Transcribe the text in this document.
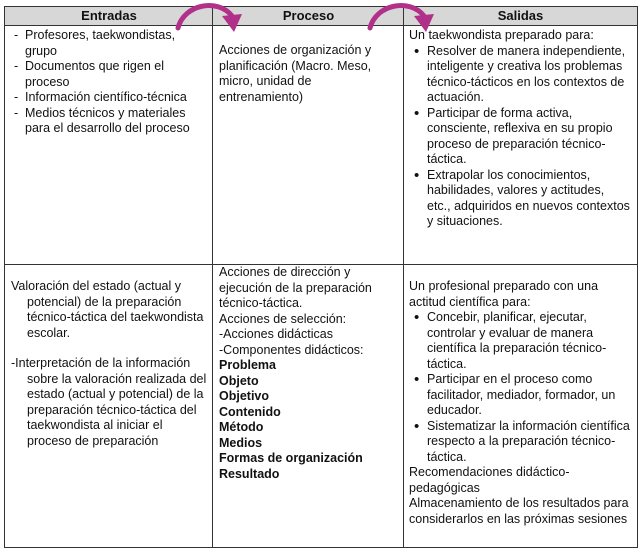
Entradas	Proceso	Salidas
- Profesores, taekwondistas, grupo
- Documentos que rigen el proceso
- Información científico-técnica
- Medios técnicos y materiales para el desarrollo del proceso

Acciones de organización y planificación (Macro. Meso, micro, unidad de entrenamiento)

Un taekwondista preparado para:

• Resolver de manera independiente, inteligente y creativa los problemas técnico-tácticos en los contextos de actuación.
• Participar de forma activa, consciente, reflexiva en su propio proceso de preparación técnico-táctica.
• Extrapolar los conocimientos, habilidades, valores y actitudes, etc., adquiridos en nuevos contextos y situaciones.

Valoración del estado (actual y potencial) de la preparación técnico-táctica del taekwondista escolar.

-Interpretación de la información sobre la valoración realizada del estado (actual y potencial) de la preparación técnico-táctica del taekwondista al iniciar el proceso de preparación

Acciones de dirección y ejecución de la preparación técnico-táctica.

Acciones de selección:

-Acciones didácticas

-Componentes didácticos:

Problema

Objeto

Objetivo

Contenido

Método

Medios

Formas de organización

Resultado

Un profesional preparado con una actitud científica para:

• Concebir, planificar, ejecutar, controlar y evaluar de manera científica la preparación técnico-táctica.
• Participar en el proceso como facilitador, mediador, formador, un educador.
• Sistematizar la información científica respecto a la preparación técnico-táctica.

Recomendaciones didáctico-pedagógicas

Almacenamiento de los resultados para considerarlos en las próximas sesiones
